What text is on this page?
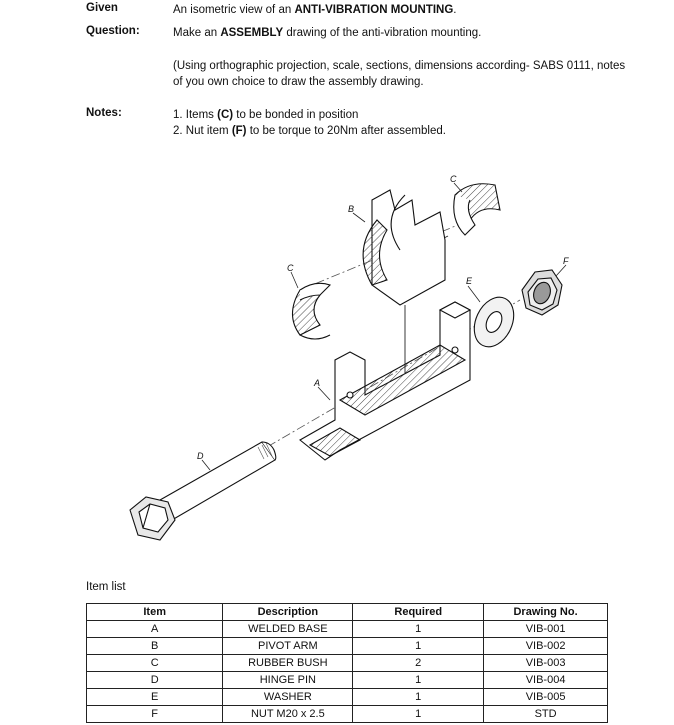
Given	An isometric view of an ANTI-VIBRATION MOUNTING.
Question:	Make an ASSEMBLY drawing of the anti-vibration mounting.
(Using orthographic projection, scale, sections, dimensions according- SABS 0111, notes
of you own choice to draw the assembly drawing.
Notes:	1. Items (C) to be bonded in position
2. Nut item (F) to be torque to 20Nm after assembled.
A
B
C
C
D
E
F
Item list
Item	Description	Required	Drawing No.
A	WELDED BASE	1	VIB-001
B	PIVOT ARM	1	VIB-002
C	RUBBER BUSH	2	VIB-003
D	HINGE PIN	1	VIB-004
E	WASHER	1	VIB-005
F	NUT M20 x 2.5	1	STD
